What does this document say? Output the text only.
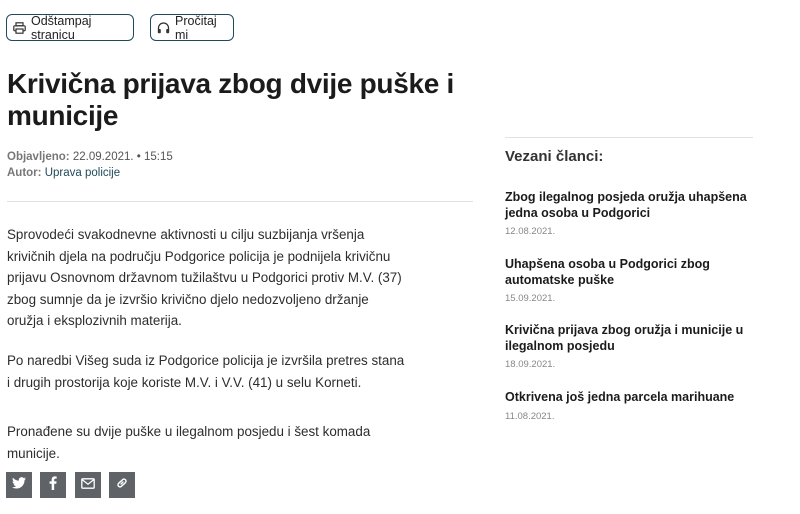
Odštampaj stranicu
Pročitaj mi
Krivična prijava zbog dvije puške i municije
Objavljeno: 22.09.2021. • 15:15
Autor: Uprava policije

Sprovodeći svakodnevne aktivnosti u cilju suzbijanja vršenja krivičnih djela na području Podgorice policija je podnijela krivičnu prijavu Osnovnom državnom tužilaštvu u Podgorici protiv M.V. (37) zbog sumnje da je izvršio krivično djelo nedozvoljeno držanje oružja i eksplozivnih materija.

Po naredbi Višeg suda iz Podgorice policija je izvršila pretres stana i drugih prostorija koje koriste M.V. i V.V. (41) u selu Korneti.

Pronađene su dvije puške u ilegalnom posjedu i šest komada municije.

Vezani članci:
Zbog ilegalnog posjeda oružja uhapšena jedna osoba u Podgorici
12.08.2021.
Uhapšena osoba u Podgorici zbog automatske puške
15.09.2021.
Krivična prijava zbog oružja i municije u ilegalnom posjedu
18.09.2021.
Otkrivena još jedna parcela marihuane
11.08.2021.
